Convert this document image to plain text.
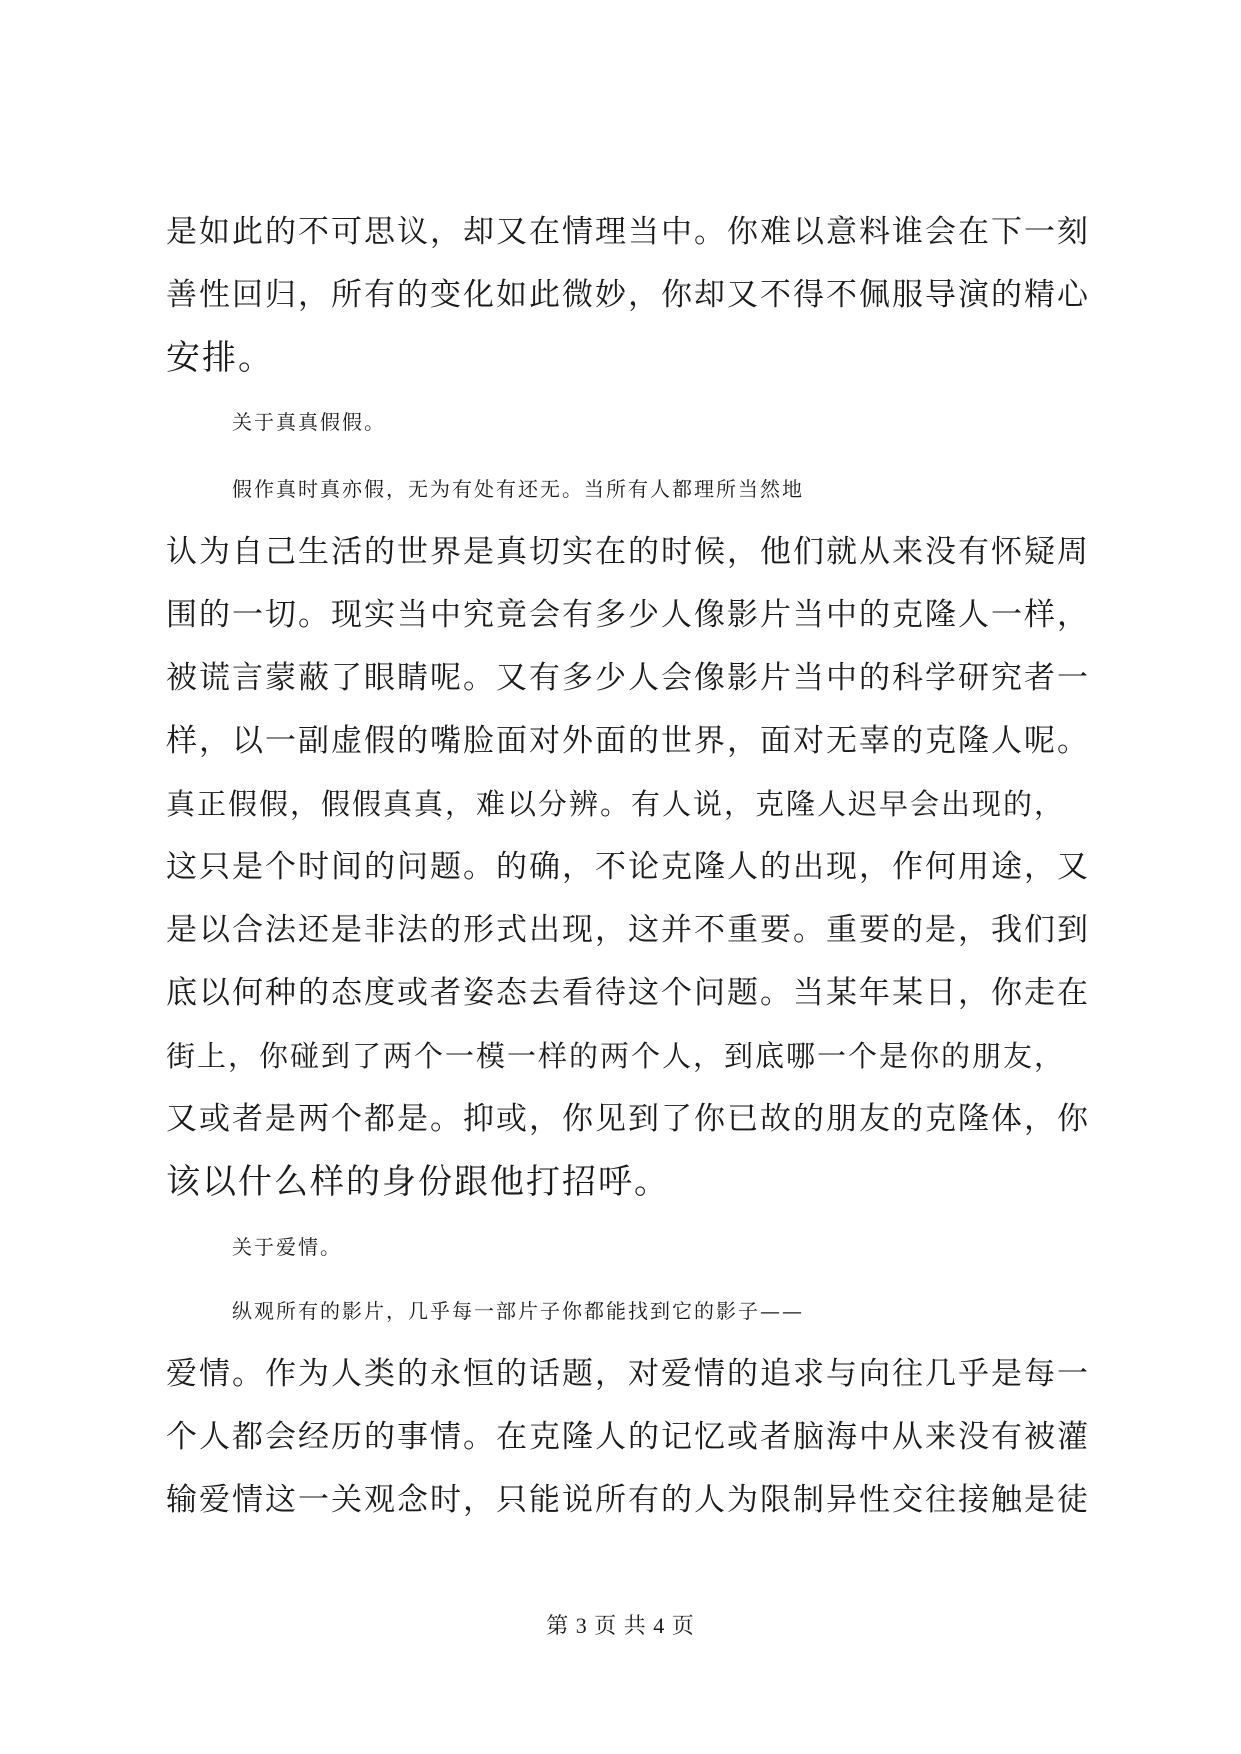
是如此的不可思议，却又在情理当中。你难以意料谁会在下一刻
善性回归，所有的变化如此微妙，你却又不得不佩服导演的精心
安排。
关于真真假假。
假作真时真亦假，无为有处有还无。当所有人都理所当然地
认为自己生活的世界是真切实在的时候，他们就从来没有怀疑周
围的一切。现实当中究竟会有多少人像影片当中的克隆人一样，
被谎言蒙蔽了眼睛呢。又有多少人会像影片当中的科学研究者一
样，以一副虚假的嘴脸面对外面的世界，面对无辜的克隆人呢。
真正假假，假假真真，难以分辨。有人说，克隆人迟早会出现的，
这只是个时间的问题。的确，不论克隆人的出现，作何用途，又
是以合法还是非法的形式出现，这并不重要。重要的是，我们到
底以何种的态度或者姿态去看待这个问题。当某年某日，你走在
街上，你碰到了两个一模一样的两个人，到底哪一个是你的朋友，
又或者是两个都是。抑或，你见到了你已故的朋友的克隆体，你
该以什么样的身份跟他打招呼。
关于爱情。
纵观所有的影片，几乎每一部片子你都能找到它的影子——
爱情。作为人类的永恒的话题，对爱情的追求与向往几乎是每一
个人都会经历的事情。在克隆人的记忆或者脑海中从来没有被灌
输爱情这一关观念时，只能说所有的人为限制异性交往接触是徒
第 3 页 共 4 页
